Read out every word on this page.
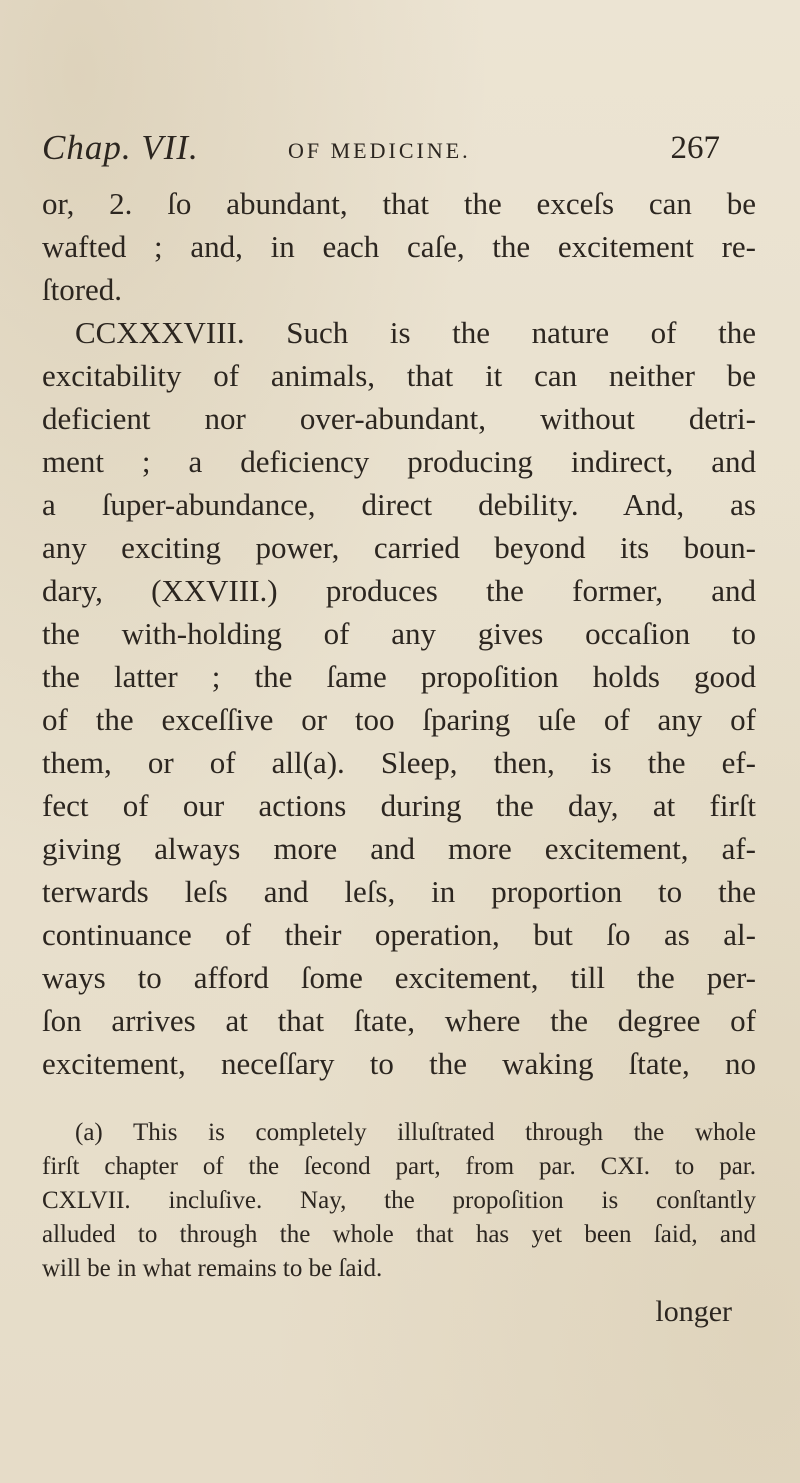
Chap. VII.	OF MEDICINE.	267
or, 2. ſo abundant, that the exceſs can be
wafted ; and, in each caſe, the excitement re-
ſtored.
CCXXXVIII. Such is the nature of the
excitability of animals, that it can neither be
deficient nor over-abundant, without detri-
ment ; a deficiency producing indirect, and
a ſuper-abundance, direct debility. And, as
any exciting power, carried beyond its boun-
dary, (XXVIII.) produces the former, and
the with-holding of any gives occaſion to
the latter ; the ſame propoſition holds good
of the exceſſive or too ſparing uſe of any of
them, or of all(a). Sleep, then, is the ef-
fect of our actions during the day, at firſt
giving always more and more excitement, af-
terwards leſs and leſs, in proportion to the
continuance of their operation, but ſo as al-
ways to afford ſome excitement, till the per-
ſon arrives at that ſtate, where the degree of
excitement, neceſſary to the waking ſtate, no
(a) This is completely illuſtrated through the whole
firſt chapter of the ſecond part, from par. CXI. to par.
CXLVII. incluſive. Nay, the propoſition is conſtantly
alluded to through the whole that has yet been ſaid, and
will be in what remains to be ſaid.
longer
